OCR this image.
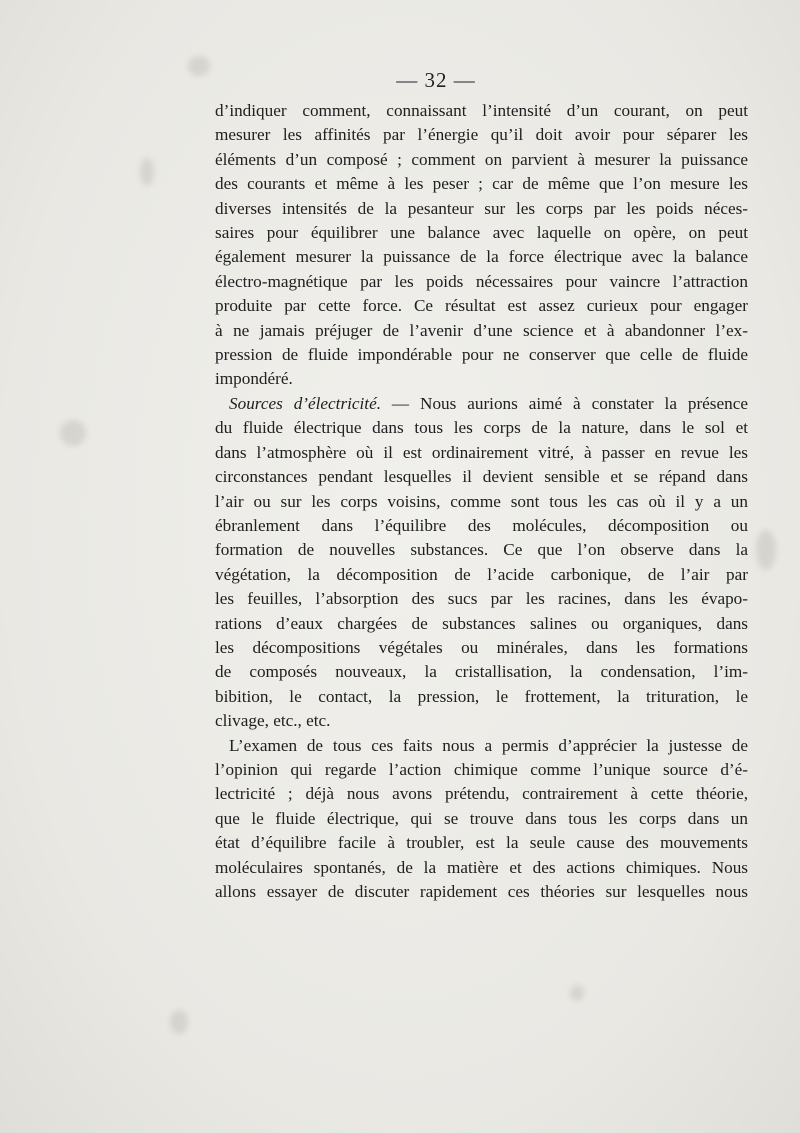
— 32 —

d’indiquer comment, connaissant l’intensité d’un courant, on peut
mesurer les affinités par l’énergie qu’il doit avoir pour séparer les
éléments d’un composé ; comment on parvient à mesurer la puissance
des courants et même à les peser ; car de même que l’on mesure les
diverses intensités de la pesanteur sur les corps par les poids néces-
saires pour équilibrer une balance avec laquelle on opère, on peut
également mesurer la puissance de la force électrique avec la balance
électro-magnétique par les poids nécessaires pour vaincre l’attraction
produite par cette force. Ce résultat est assez curieux pour engager
à ne jamais préjuger de l’avenir d’une science et à abandonner l’ex-
pression de fluide impondérable pour ne conserver que celle de fluide
impondéré.

Sources d’électricité. — Nous aurions aimé à constater la présence
du fluide électrique dans tous les corps de la nature, dans le sol et
dans l’atmosphère où il est ordinairement vitré, à passer en revue les
circonstances pendant lesquelles il devient sensible et se répand dans
l’air ou sur les corps voisins, comme sont tous les cas où il y a un
ébranlement dans l’équilibre des molécules, décomposition ou
formation de nouvelles substances. Ce que l’on observe dans la
végétation, la décomposition de l’acide carbonique, de l’air par
les feuilles, l’absorption des sucs par les racines, dans les évapo-
rations d’eaux chargées de substances salines ou organiques, dans
les décompositions végétales ou minérales, dans les formations
de composés nouveaux, la cristallisation, la condensation, l’im-
bibition, le contact, la pression, le frottement, la trituration, le
clivage, etc., etc.

L’examen de tous ces faits nous a permis d’apprécier la justesse de
l’opinion qui regarde l’action chimique comme l’unique source d’é-
lectricité ; déjà nous avons prétendu, contrairement à cette théorie,
que le fluide électrique, qui se trouve dans tous les corps dans un
état d’équilibre facile à troubler, est la seule cause des mouvements
moléculaires spontanés, de la matière et des actions chimiques. Nous
allons essayer de discuter rapidement ces théories sur lesquelles nous
